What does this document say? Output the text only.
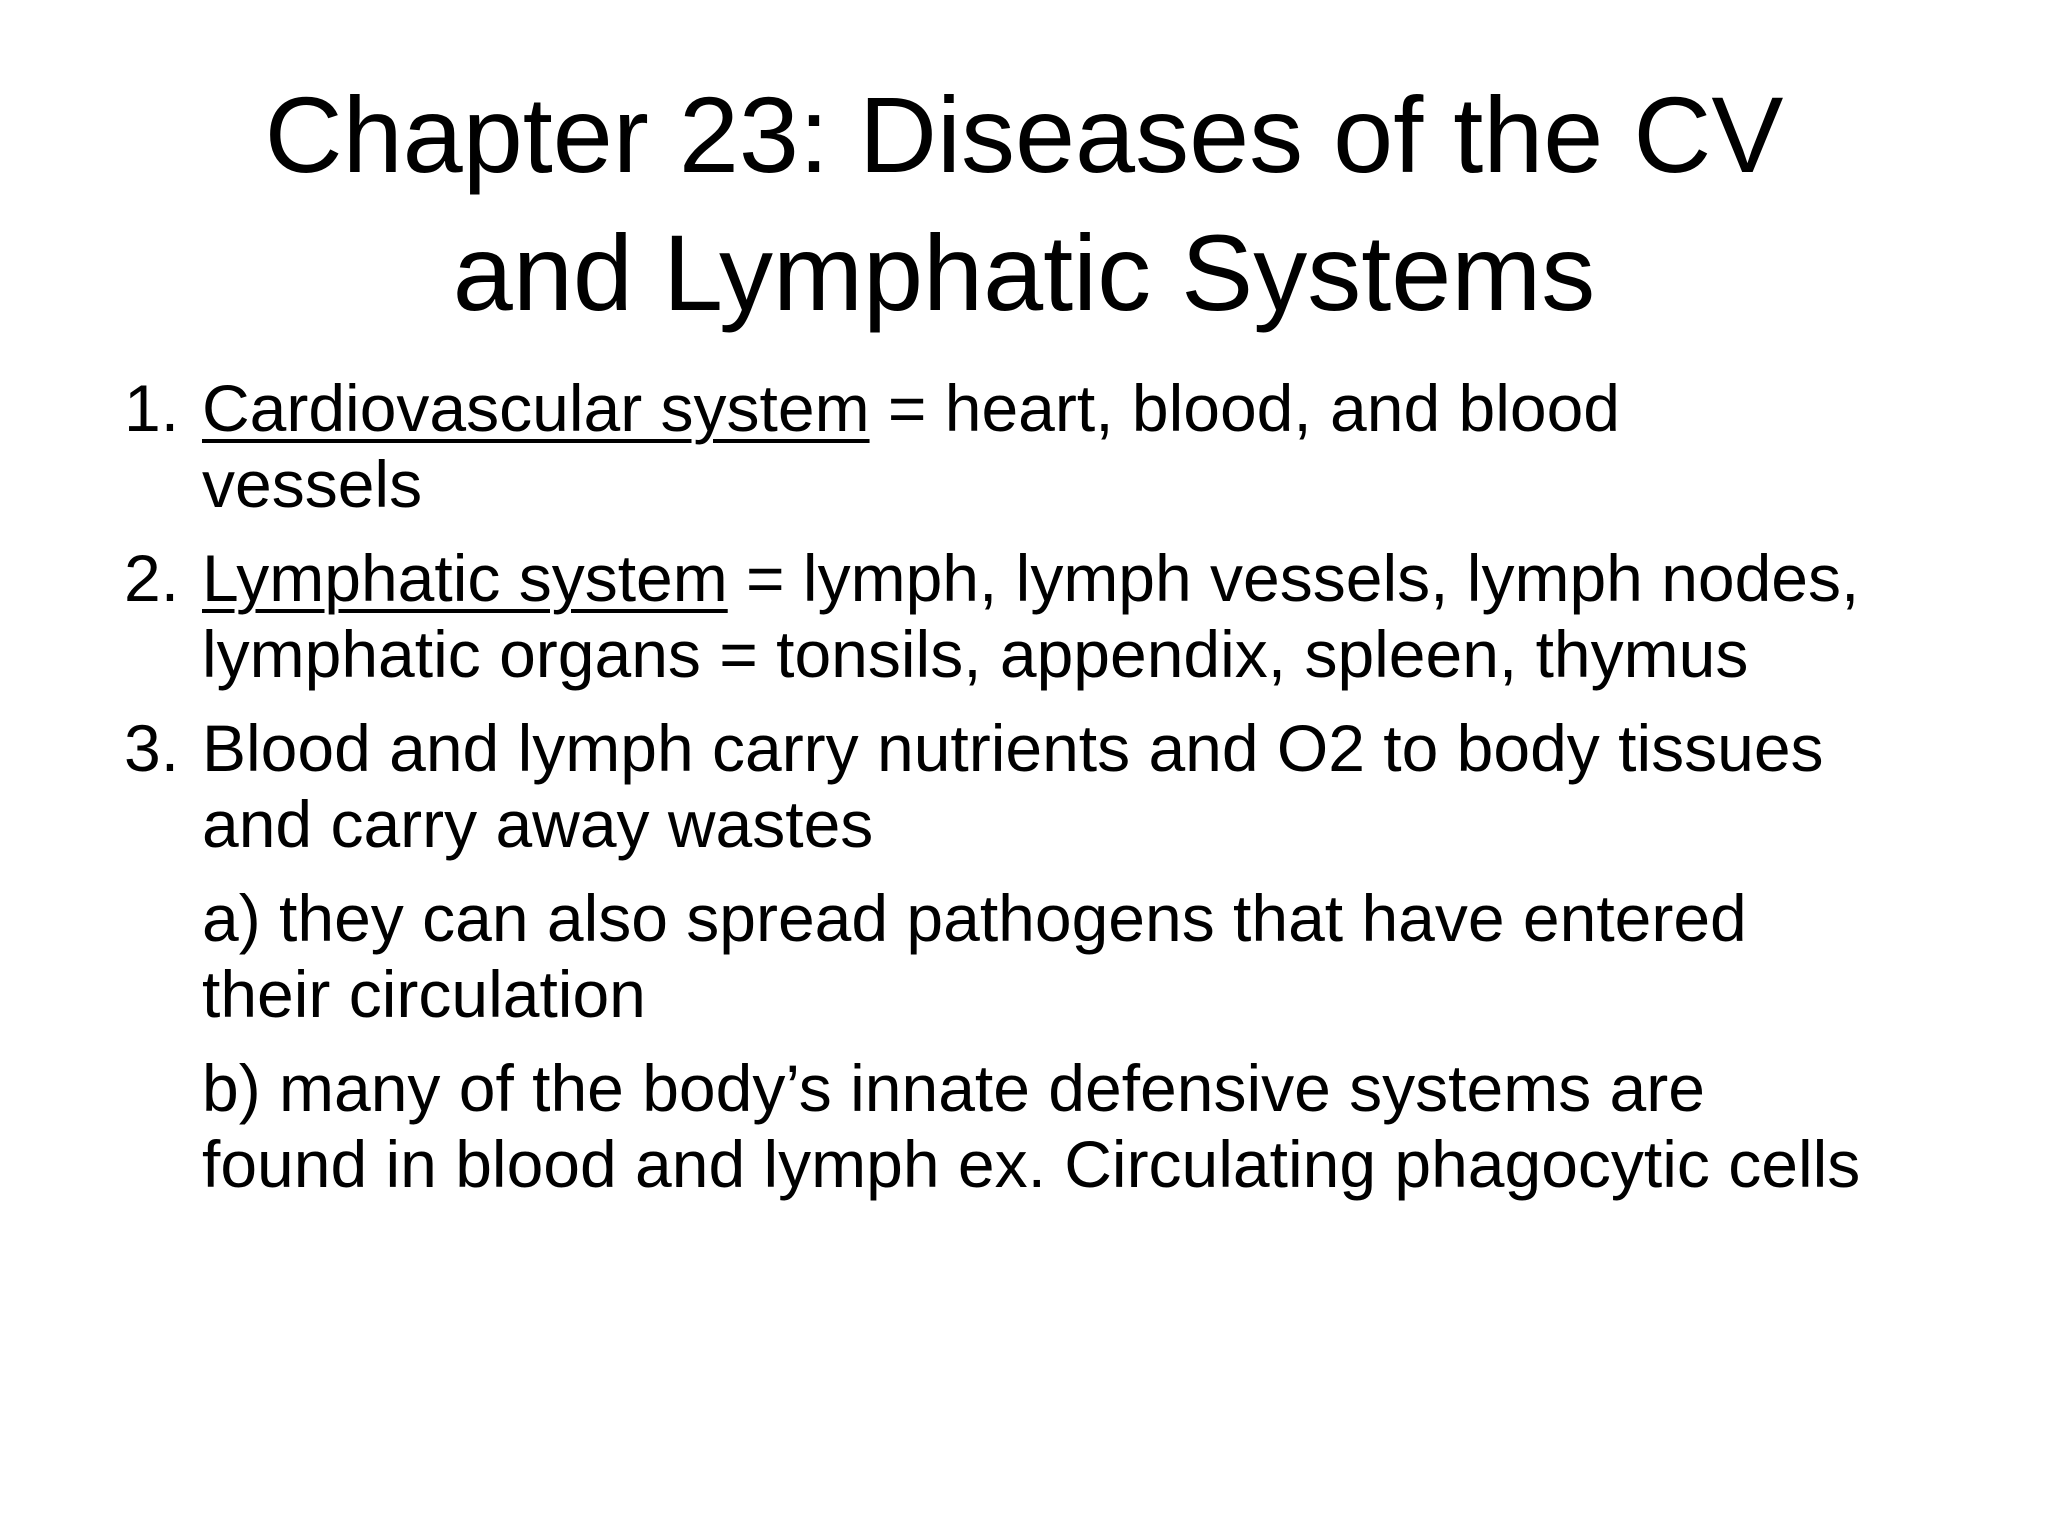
Chapter 23: Diseases of the CV
and Lymphatic Systems
1. Cardiovascular system = heart, blood, and blood
vessels
2. Lymphatic system = lymph, lymph vessels, lymph nodes,
lymphatic organs = tonsils, appendix, spleen, thymus
3. Blood and lymph carry nutrients and O2 to body tissues
and carry away wastes
a) they can also spread pathogens that have entered
their circulation
b) many of the body’s innate defensive systems are
found in blood and lymph ex. Circulating phagocytic cells
